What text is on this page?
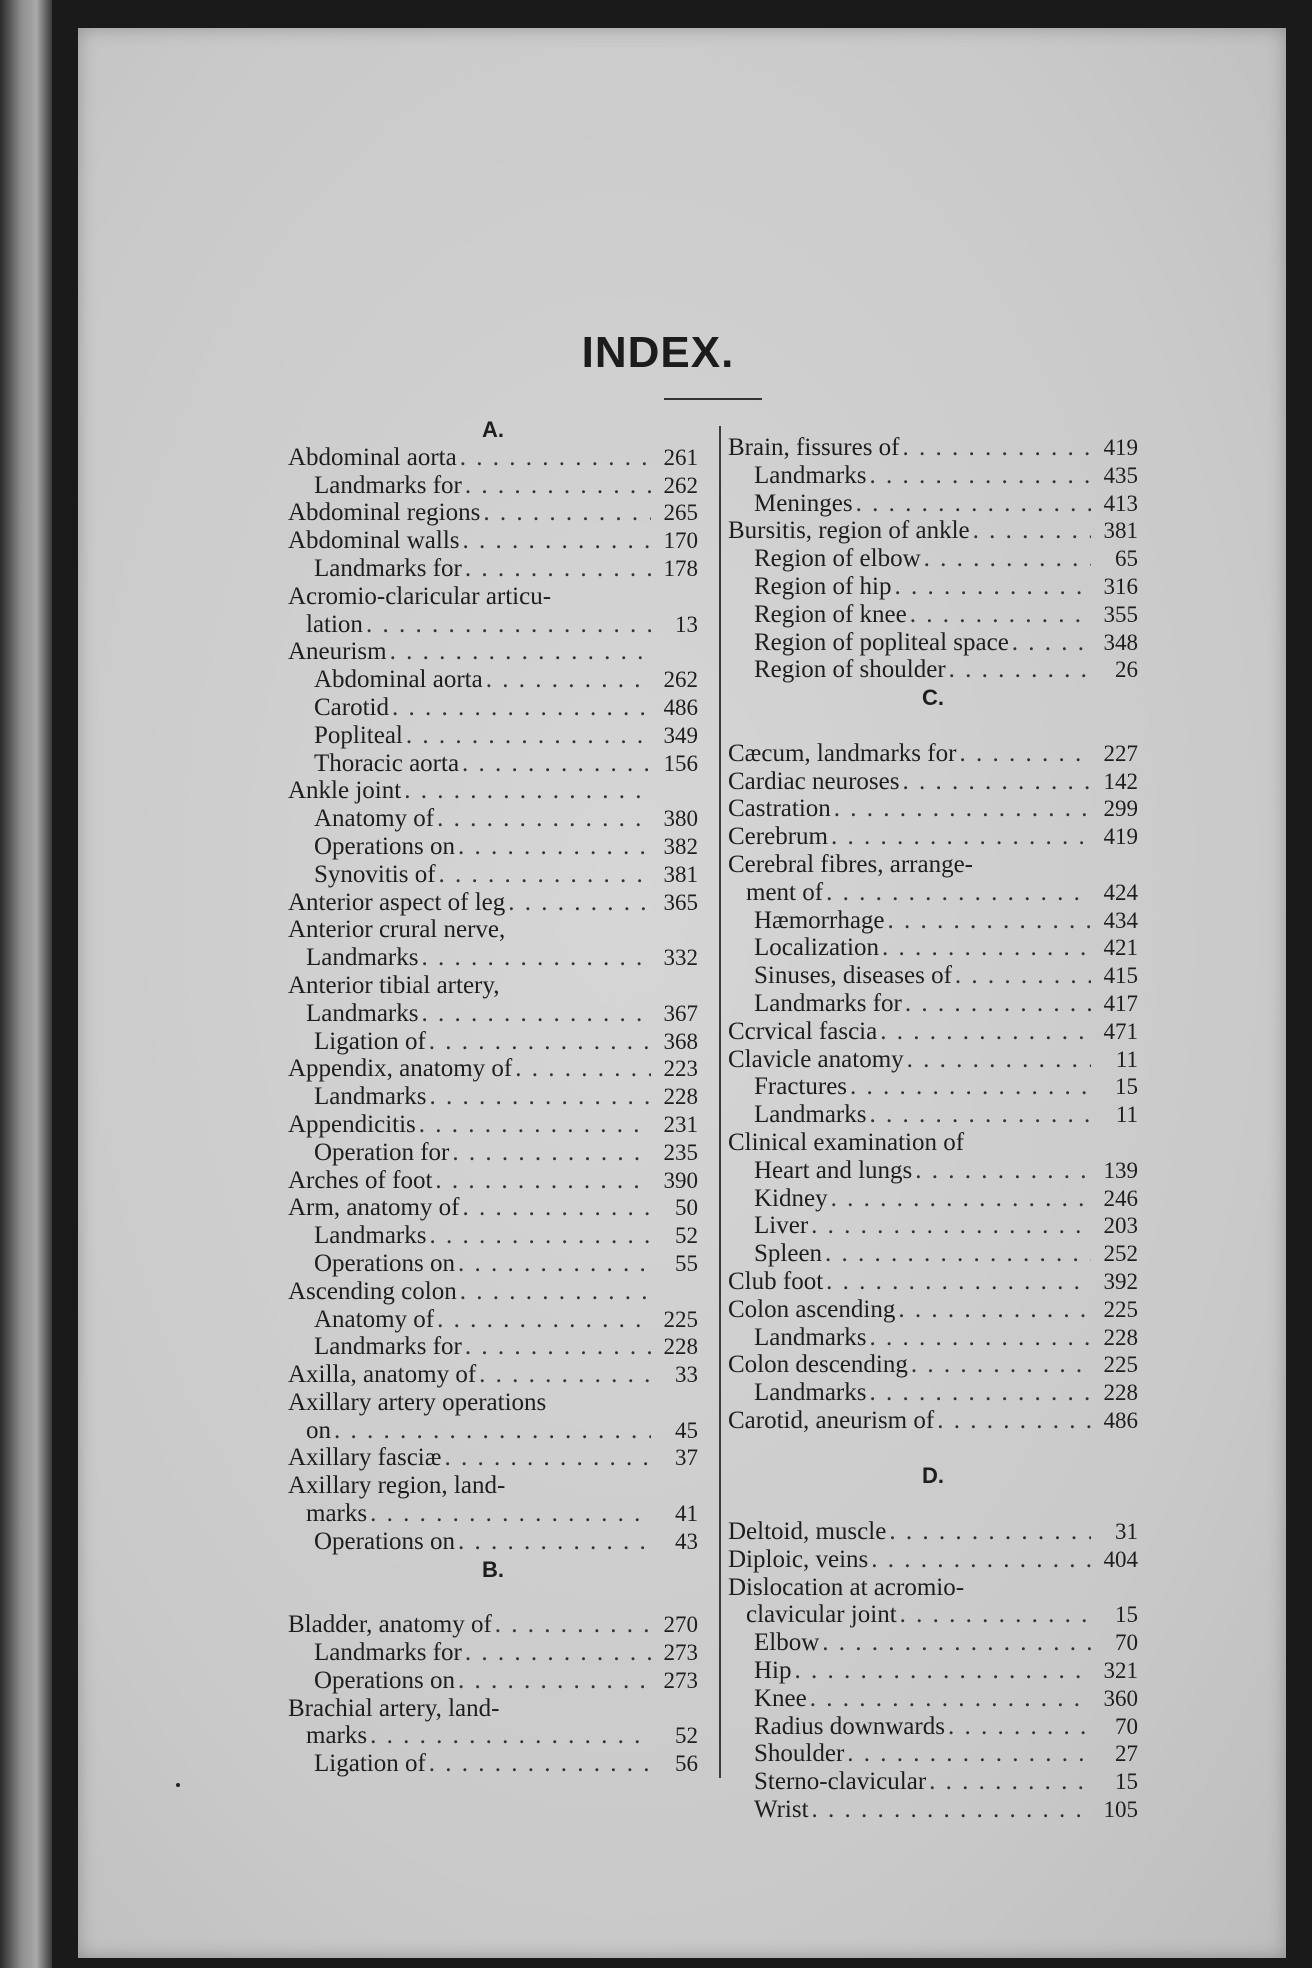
INDEX.
A.
Abdominal aorta . . .	261
Landmarks for . . .	262
Abdominal regions . . .	265
Abdominal walls . . .	170
Landmarks for . . .	178
Acromio-claricular articu-
lation . . .	13
Aneurism
. . .
Abdominal aorta . . .	262
Carotid . . .	486
Popliteal . . .	349
Thoracic aorta . . .	156
Ankle joint
. . .
Anatomy of . . .	380
Operations on . . .	382
Synovitis of . . .	381
Anterior aspect of leg . . .	365
Anterior crural nerve,
Landmarks . . .	332
Anterior tibial artery,
Landmarks . . .	367
Ligation of . . .	368
Appendix, anatomy of . . .	223
Landmarks . . .	228
Appendicitis . . .	231
Operation for . . .	235
Arches of foot . . .	390
Arm, anatomy of . . .	50
Landmarks . . .	52
Operations on . . .	55
Ascending colon
. . .
Anatomy of . . .	225
Landmarks for . . .	228
Axilla, anatomy of . . .	33
Axillary artery operations
on . . .	45
Axillary fasciæ . . .	37
Axillary region, land-
marks . . .	41
Operations on . . .	43
B.
Bladder, anatomy of . . .	270
Landmarks for . . .	273
Operations on . . .	273
Brachial artery, land-
marks . . .	52
Ligation of . . .	56
Brain, fissures of . . .	419
Landmarks . . .	435
Meninges . . .	413
Bursitis, region of ankle . . .	381
Region of elbow . . .	65
Region of hip . . .	316
Region of knee . . .	355
Region of popliteal space . . .	348
Region of shoulder . . .	26
C.
Cæcum, landmarks for . . .	227
Cardiac neuroses . . .	142
Castration . . .	299
Cerebrum . . .	419
Cerebral fibres, arrange-
ment of . . .	424
Hæmorrhage . . .	434
Localization . . .	421
Sinuses, diseases of . . .	415
Landmarks for . . .	417
Ccrvical fascia . . .	471
Clavicle anatomy . . .	11
Fractures . . .	15
Landmarks . . .	11
Clinical examination of
Heart and lungs . . .	139
Kidney . . .	246
Liver . . .	203
Spleen . . .	252
Club foot . . .	392
Colon ascending . . .	225
Landmarks . . .	228
Colon descending . . .	225
Landmarks . . .	228
Carotid, aneurism of . . .	486
D.
Deltoid, muscle . . .	31
Diploic, veins . . .	404
Dislocation at acromio-
clavicular joint . . .	15
Elbow . . .	70
Hip . . .	321
Knee . . .	360
Radius downwards . . .	70
Shoulder . . .	27
Sterno-clavicular . . .	15
Wrist . . .	105
